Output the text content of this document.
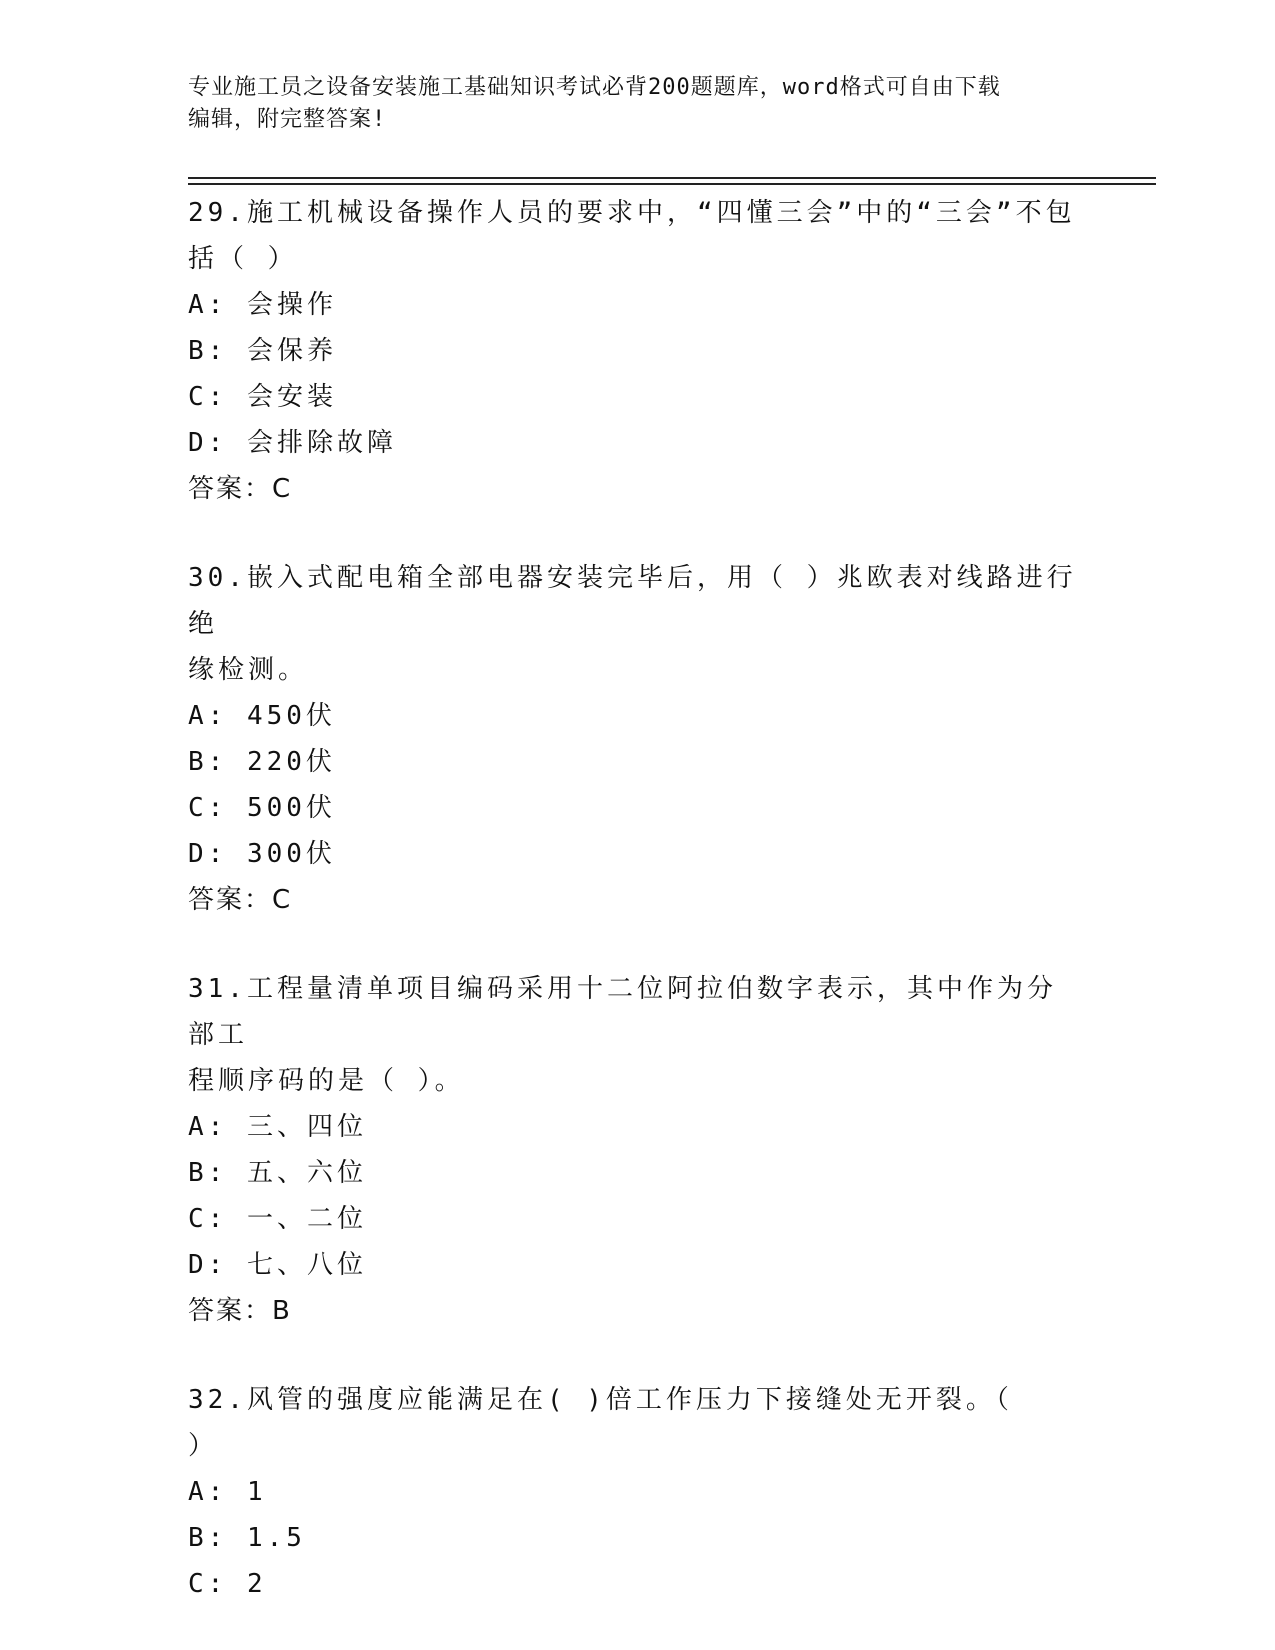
专业施工员之设备安装施工基础知识考试必背200题题库，word格式可自由下载
编辑，附完整答案!

29.施工机械设备操作人员的要求中，“四懂三会”中的“三会”不包
括（ ）

A: 会操作

B: 会保养

C: 会安装

D: 会排除故障

答案：C

30.嵌入式配电箱全部电器安装完毕后，用（ ）兆欧表对线路进行绝
缘检测。

A: 450伏

B: 220伏

C: 500伏

D: 300伏

答案：C

31.工程量清单项目编码采用十二位阿拉伯数字表示，其中作为分部工
程顺序码的是（ ）。

A: 三、四位

B: 五、六位

C: 一、二位

D: 七、八位

答案：B

32.风管的强度应能满足在( )倍工作压力下接缝处无开裂。（　 ）

A: 1

B: 1.5

C: 2
